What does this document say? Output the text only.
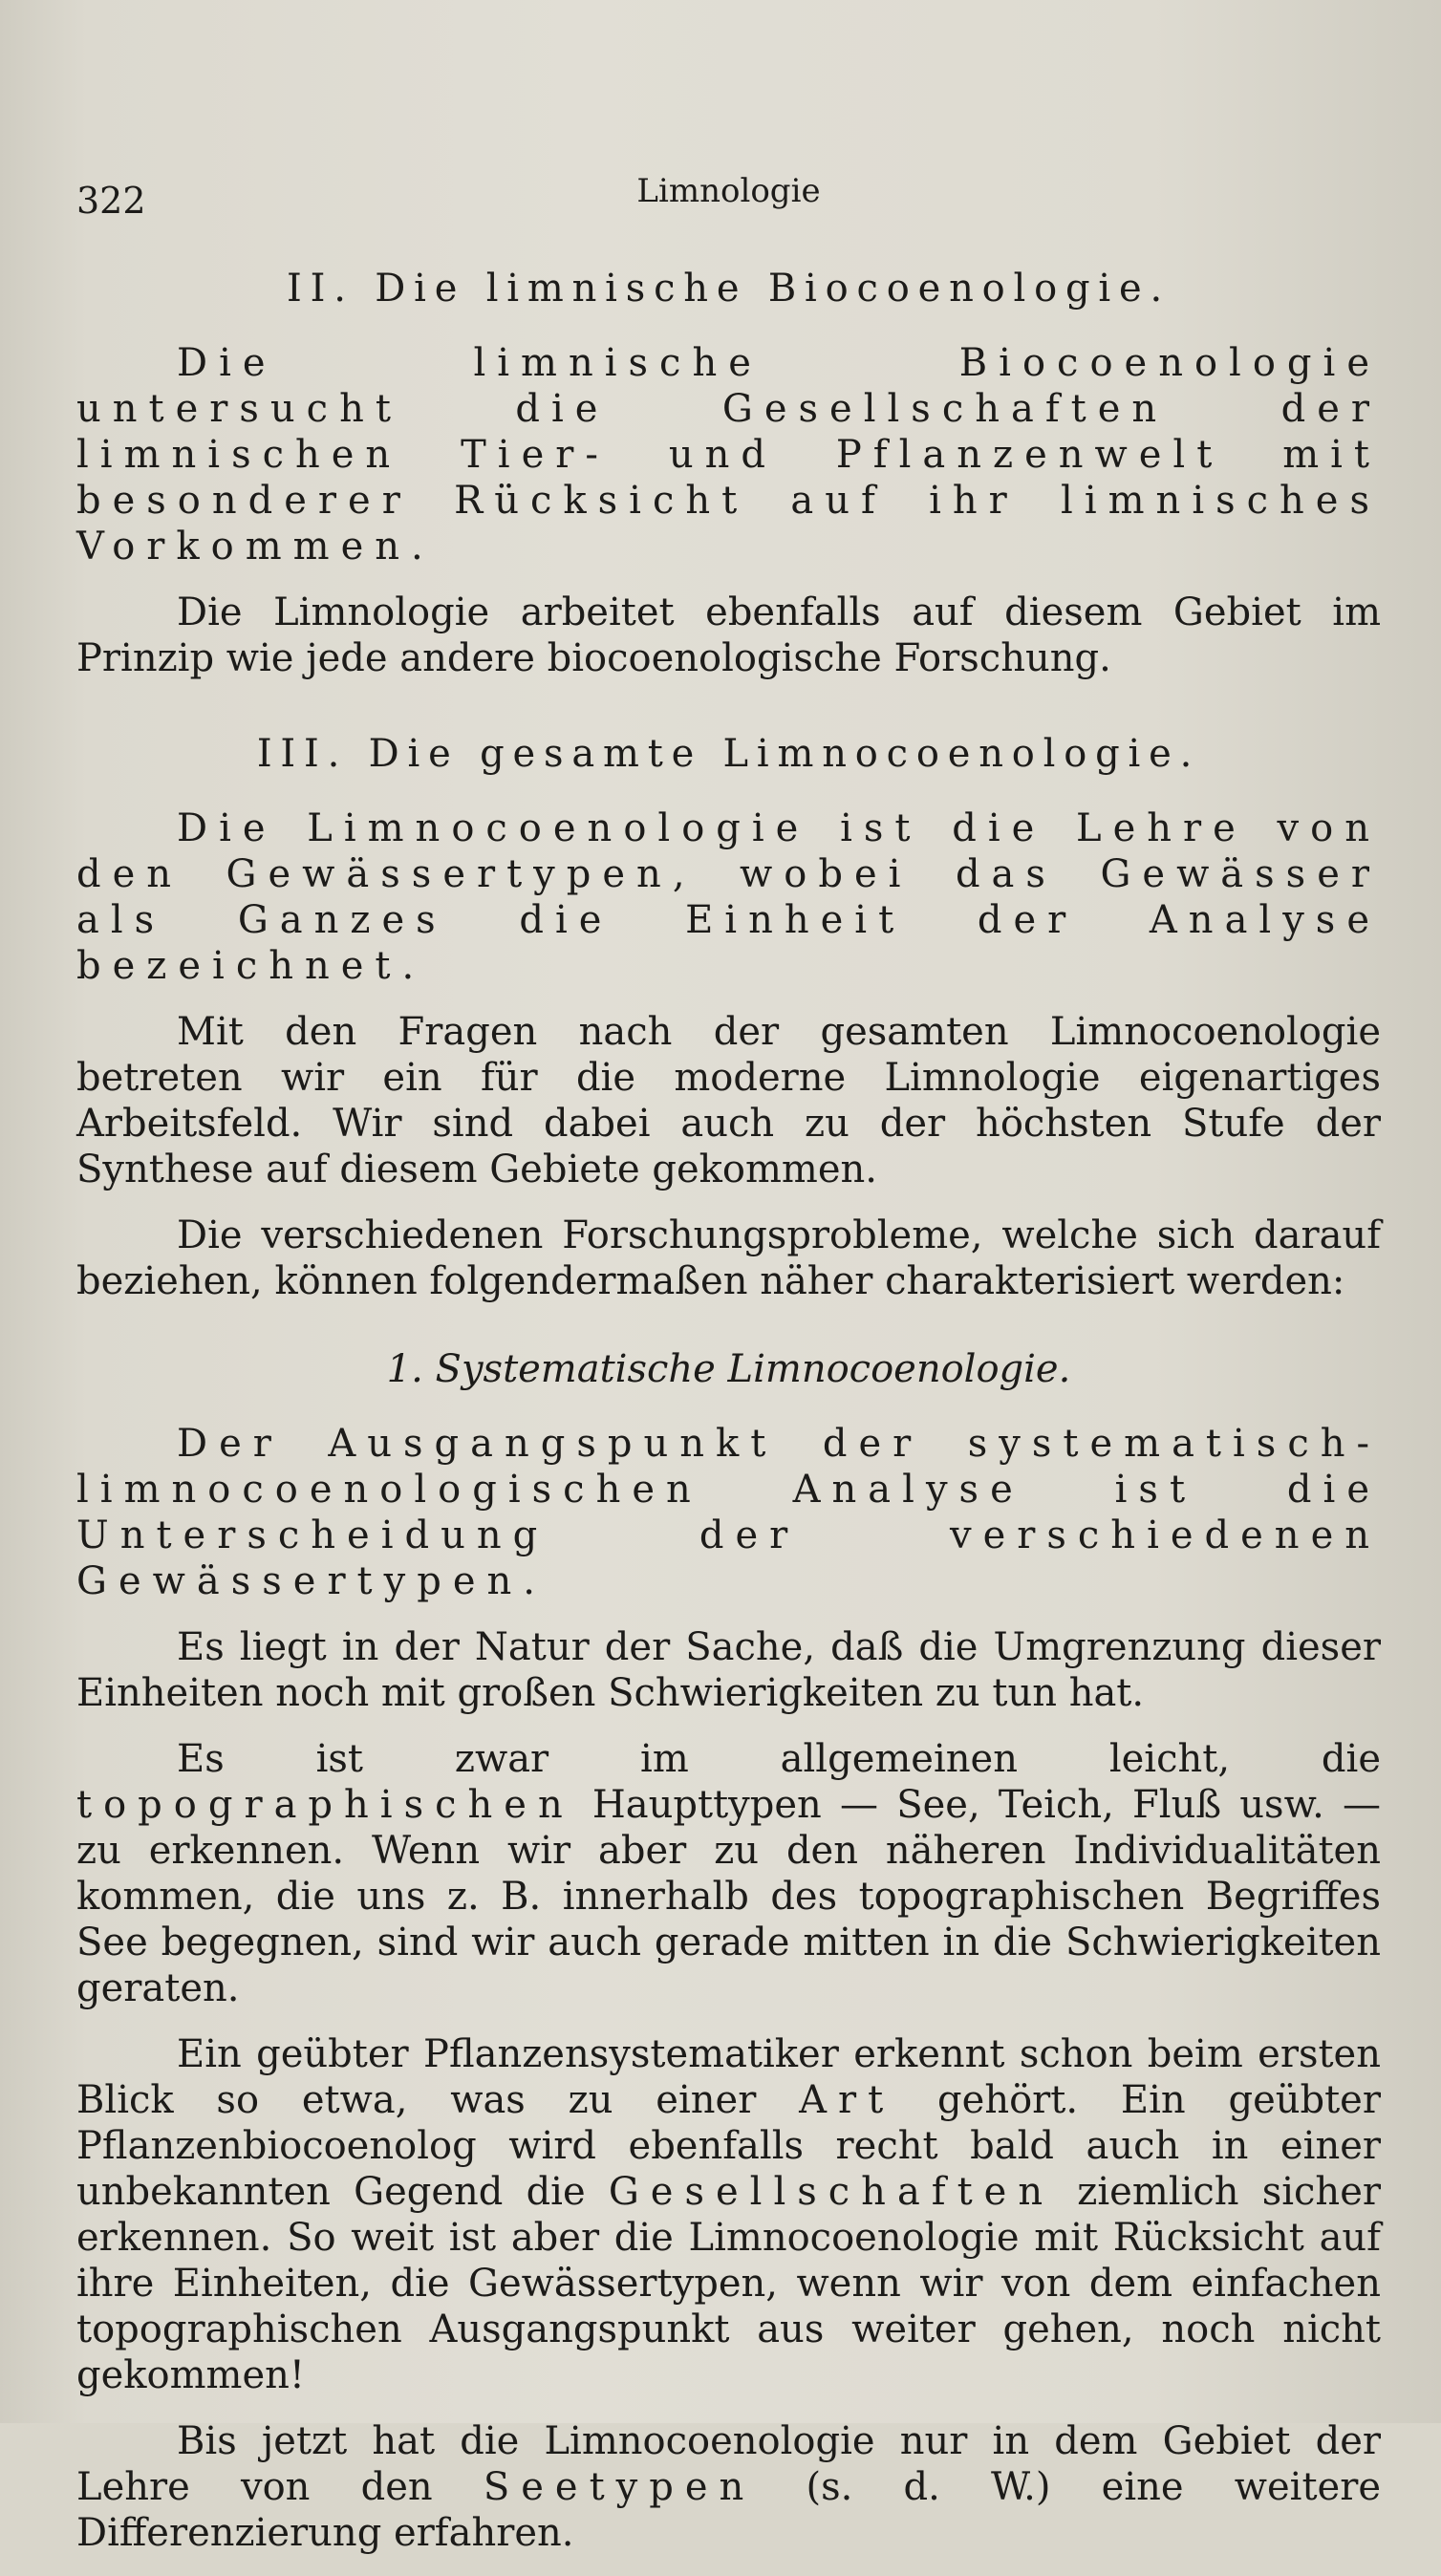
322	Limnologie
II. Die limnische Biocoenologie.

Die limnische Biocoenologie untersucht die Gesellschaften der limnischen Tier- und Pflanzenwelt mit besonderer Rücksicht auf ihr limnisches Vorkommen.

Die Limnologie arbeitet ebenfalls auf diesem Gebiet im Prinzip wie jede andere biocoenologische Forschung.

III. Die gesamte Limnocoenologie.

Die Limnocoenologie ist die Lehre von den Gewässertypen, wobei das Gewässer als Ganzes die Einheit der Analyse bezeichnet.

Mit den Fragen nach der gesamten Limnocoenologie betreten wir ein für die moderne Limnologie eigenartiges Arbeitsfeld. Wir sind dabei auch zu der höchsten Stufe der Synthese auf diesem Gebiete gekommen.

Die verschiedenen Forschungsprobleme, welche sich darauf beziehen, können folgendermaßen näher charakterisiert werden:

1. Systematische Limnocoenologie.

Der Ausgangspunkt der systematisch-limnocoenologischen Analyse ist die Unterscheidung der verschiedenen Gewässertypen.

Es liegt in der Natur der Sache, daß die Umgrenzung dieser Einheiten noch mit großen Schwierigkeiten zu tun hat.

Es ist zwar im allgemeinen leicht, die topographischen Haupttypen — See, Teich, Fluß usw. — zu erkennen. Wenn wir aber zu den näheren Individualitäten kommen, die uns z. B. innerhalb des topographischen Begriffes See begegnen, sind wir auch gerade mitten in die Schwierigkeiten geraten.

Ein geübter Pflanzensystematiker erkennt schon beim ersten Blick so etwa, was zu einer Art gehört. Ein geübter Pflanzenbiocoenolog wird ebenfalls recht bald auch in einer unbekannten Gegend die Gesellschaften ziemlich sicher erkennen. So weit ist aber die Limnocoenologie mit Rücksicht auf ihre Einheiten, die Gewässertypen, wenn wir von dem einfachen topographischen Ausgangspunkt aus weiter gehen, noch nicht gekommen!

Bis jetzt hat die Limnocoenologie nur in dem Gebiet der Lehre von den Seetypen (s. d. W.) eine weitere Differenzierung erfahren.
